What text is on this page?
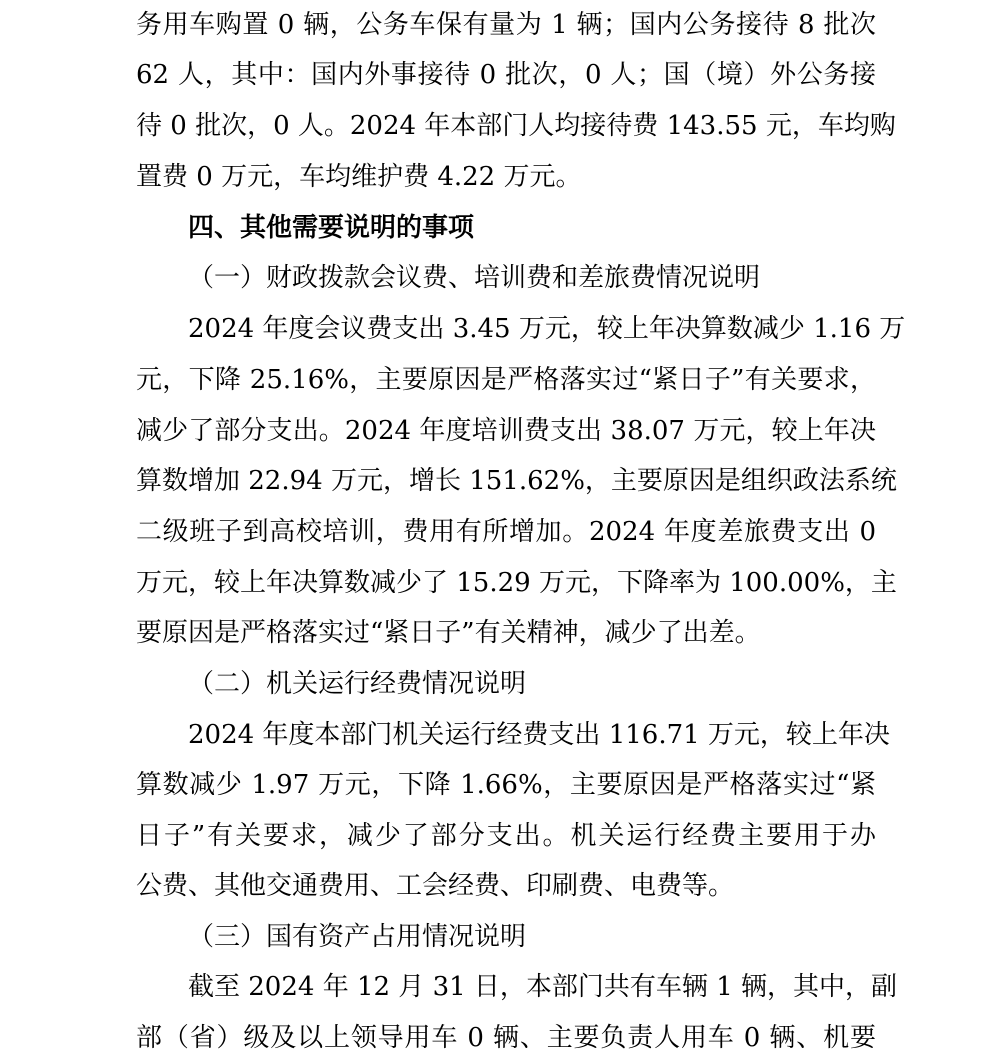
务用车购置 0 辆，公务车保有量为 1 辆；国内公务接待 8 批次
62 人，其中：国内外事接待 0 批次，0 人；国（境）外公务接
待 0 批次，0 人。2024 年本部门人均接待费 143.55 元，车均购
置费 0 万元，车均维护费 4.22 万元。
四、其他需要说明的事项
（一）财政拨款会议费、培训费和差旅费情况说明
2024 年度会议费支出 3.45 万元，较上年决算数减少 1.16 万
元，下降 25.16%，主要原因是严格落实过“紧日子”有关要求，
减少了部分支出。2024 年度培训费支出 38.07 万元，较上年决
算数增加 22.94 万元，增长 151.62%，主要原因是组织政法系统
二级班子到高校培训，费用有所增加。2024 年度差旅费支出 0
万元，较上年决算数减少了 15.29 万元，下降率为 100.00%，主
要原因是严格落实过“紧日子”有关精神，减少了出差。
（二）机关运行经费情况说明
2024 年度本部门机关运行经费支出 116.71 万元，较上年决
算数减少 1.97 万元，下降 1.66%，主要原因是严格落实过“紧
日子”有关要求，减少了部分支出。机关运行经费主要用于办
公费、其他交通费用、工会经费、印刷费、电费等。
（三）国有资产占用情况说明
截至 2024 年 12 月 31 日，本部门共有车辆 1 辆，其中，副
部（省）级及以上领导用车 0 辆、主要负责人用车 0 辆、机要
